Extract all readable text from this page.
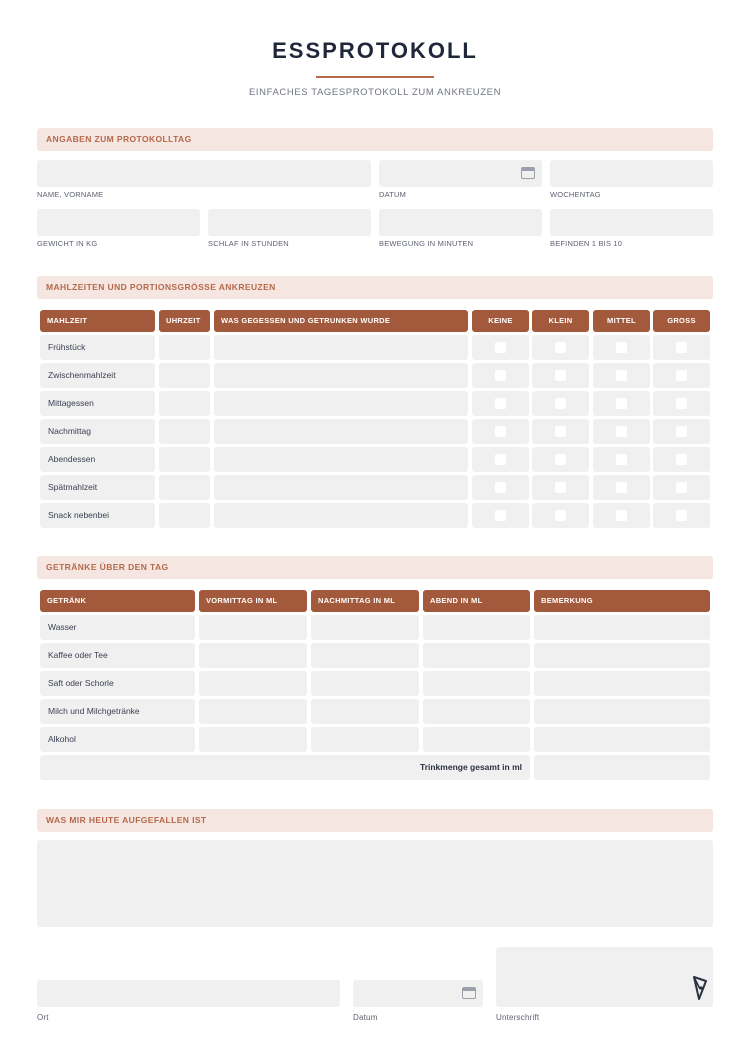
ESSPROTOKOLL
EINFACHES TAGESPROTOKOLL ZUM ANKREUZEN
ANGABEN ZUM PROTOKOLLTAG
NAME, VORNAME	DATUM	WOCHENTAG
GEWICHT IN KG	SCHLAF IN STUNDEN	BEWEGUNG IN MINUTEN	BEFINDEN 1 BIS 10
MAHLZEITEN UND PORTIONSGRÖSSE ANKREUZEN
MAHLZEIT	UHRZEIT	WAS GEGESSEN UND GETRUNKEN WURDE	KEINE	KLEIN	MITTEL	GROSS
Frühstück
Zwischenmahlzeit
Mittagessen
Nachmittag
Abendessen
Spätmahlzeit
Snack nebenbei
GETRÄNKE ÜBER DEN TAG
GETRÄNK	VORMITTAG IN ML	NACHMITTAG IN ML	ABEND IN ML	BEMERKUNG
Wasser
Kaffee oder Tee
Saft oder Schorle
Milch und Milchgetränke
Alkohol
Trinkmenge gesamt in ml
WAS MIR HEUTE AUFGEFALLEN IST
Ort	Datum	Unterschrift
